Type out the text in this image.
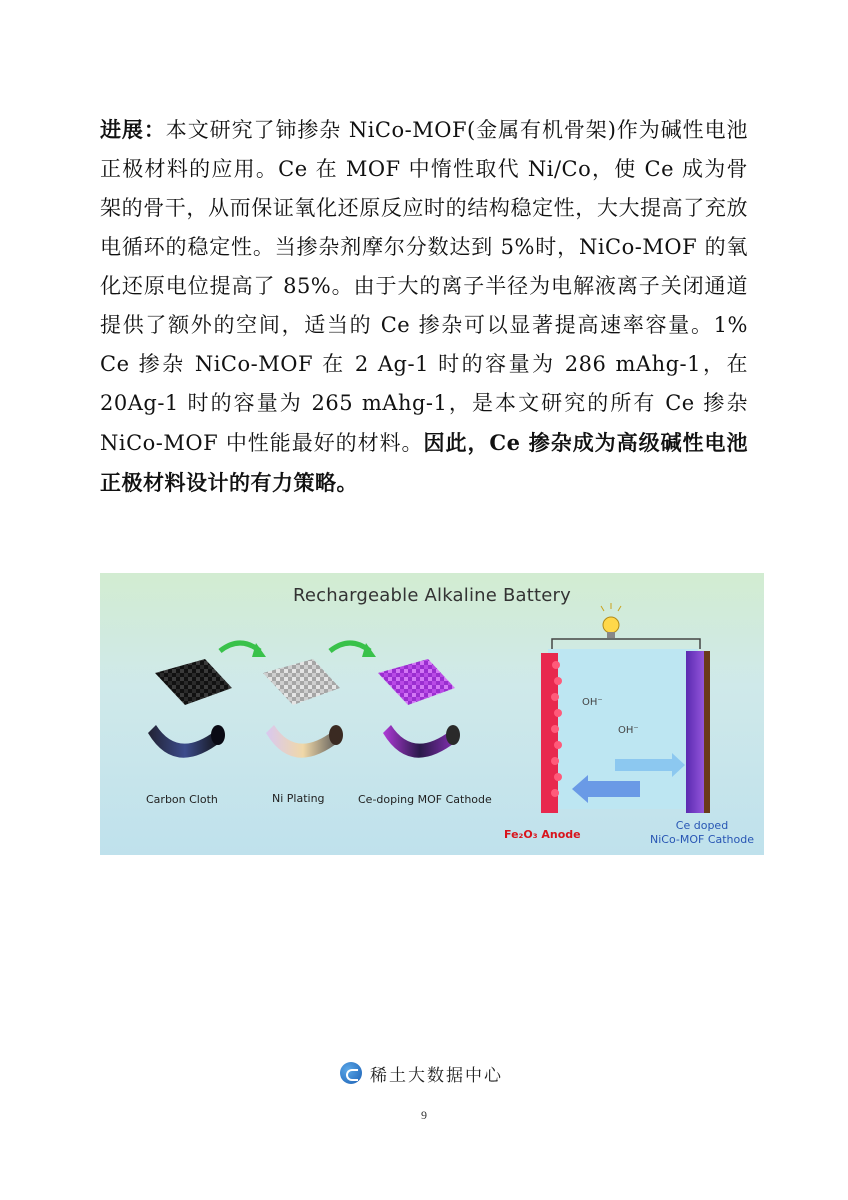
进展：本文研究了铈掺杂 NiCo-MOF(金属有机骨架)作为碱性电池正极材料的应用。Ce 在 MOF 中惰性取代 Ni/Co，使 Ce 成为骨架的骨干，从而保证氧化还原反应时的结构稳定性，大大提高了充放电循环的稳定性。当掺杂剂摩尔分数达到 5%时，NiCo-MOF 的氧化还原电位提高了 85%。由于大的离子半径为电解液离子关闭通道提供了额外的空间，适当的 Ce 掺杂可以显著提高速率容量。1% Ce 掺杂 NiCo-MOF 在 2 Ag-1 时的容量为 286 mAhg-1，在 20Ag-1 时的容量为 265 mAhg-1，是本文研究的所有 Ce 掺杂 NiCo-MOF 中性能最好的材料。因此，Ce 掺杂成为高级碱性电池正极材料设计的有力策略。
Rechargeable Alkaline Battery
Carbon Cloth	Ni Plating	Ce-doping MOF Cathode
OH⁻
OH⁻
Fe₂O₃ Anode
Ce doped
NiCo-MOF Cathode
稀土大数据中心
9
